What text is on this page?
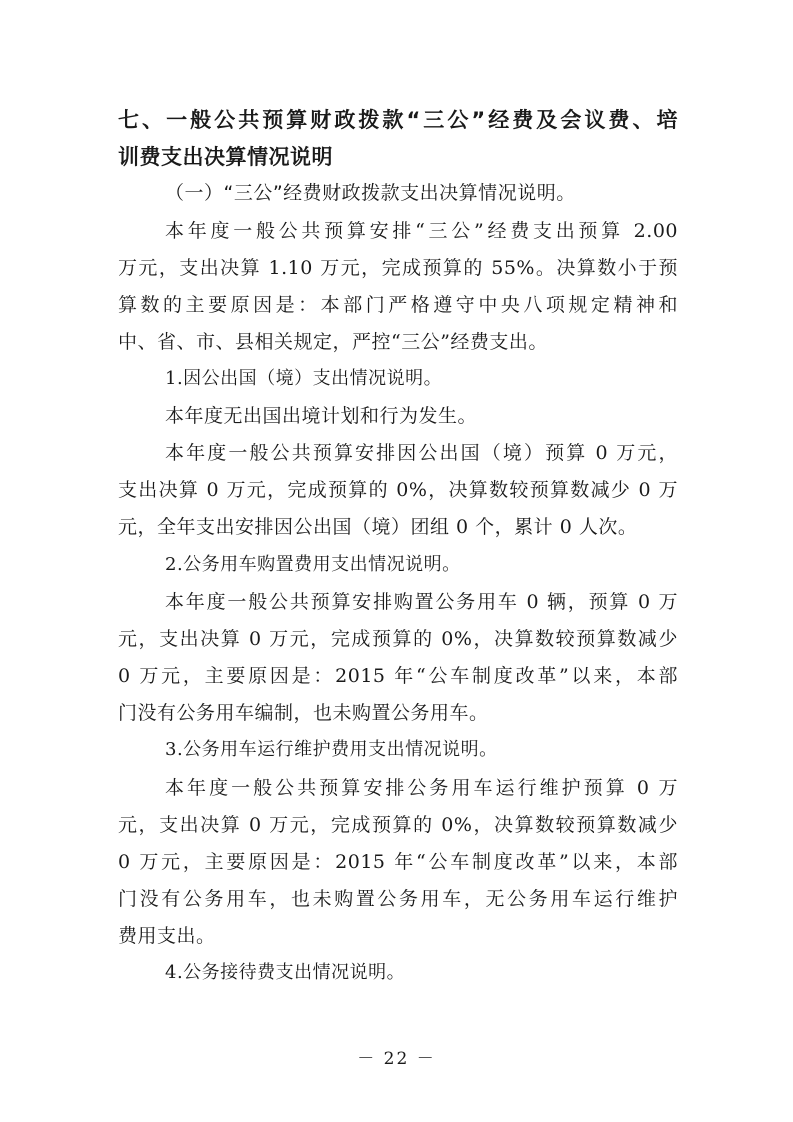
七、一般公共预算财政拨款“三公”经费及会议费、培
训费支出决算情况说明
（一）“三公”经费财政拨款支出决算情况说明。
本年度一般公共预算安排“三公”经费支出预算 2.00
万元，支出决算 1.10 万元，完成预算的 55%。决算数小于预
算数的主要原因是：本部门严格遵守中央八项规定精神和
中、省、市、县相关规定，严控“三公”经费支出。
1.因公出国（境）支出情况说明。
本年度无出国出境计划和行为发生。
本年度一般公共预算安排因公出国（境）预算 0 万元，
支出决算 0 万元，完成预算的 0%，决算数较预算数减少 0 万
元，全年支出安排因公出国（境）团组 0 个，累计 0 人次。
2.公务用车购置费用支出情况说明。
本年度一般公共预算安排购置公务用车 0 辆，预算 0 万
元，支出决算 0 万元，完成预算的 0%，决算数较预算数减少
0 万元，主要原因是：2015 年“公车制度改革”以来，本部
门没有公务用车编制，也未购置公务用车。
3.公务用车运行维护费用支出情况说明。
本年度一般公共预算安排公务用车运行维护预算 0 万
元，支出决算 0 万元，完成预算的 0%，决算数较预算数减少
0 万元，主要原因是：2015 年“公车制度改革”以来，本部
门没有公务用车，也未购置公务用车，无公务用车运行维护
费用支出。
4.公务接待费支出情况说明。
－ 22 －
